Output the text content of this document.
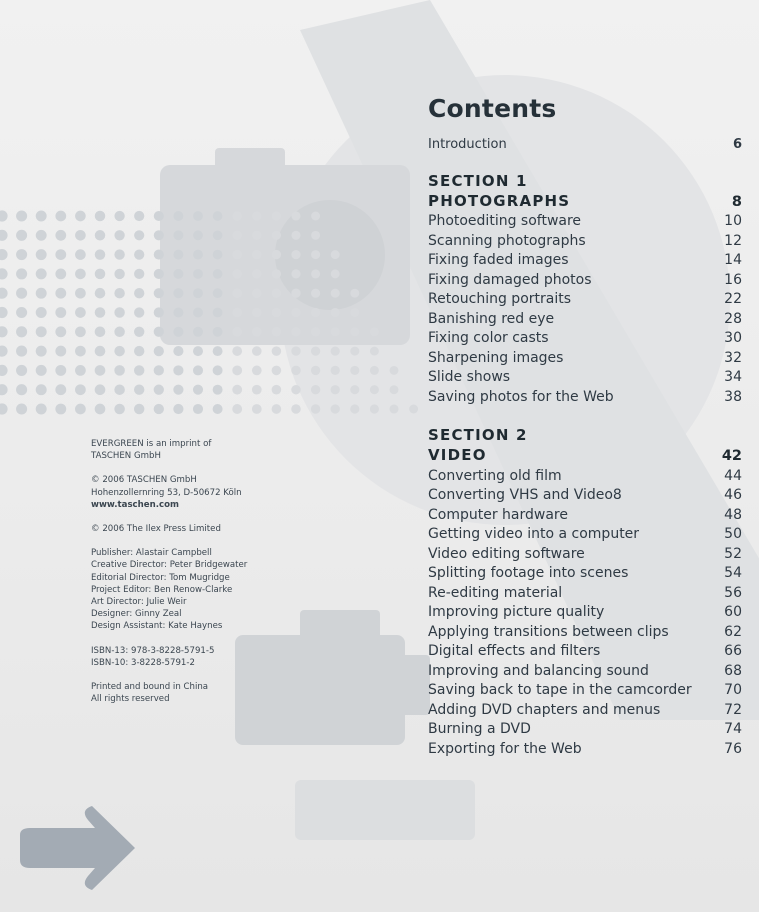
Contents
Introduction	6
SECTION 1
PHOTOGRAPHS	8
Photoediting software	10
Scanning photographs	12
Fixing faded images	14
Fixing damaged photos	16
Retouching portraits	22
Banishing red eye	28
Fixing color casts	30
Sharpening images	32
Slide shows	34
Saving photos for the Web	38
SECTION 2
VIDEO	42
Converting old film	44
Converting VHS and Video8	46
Computer hardware	48
Getting video into a computer	50
Video editing software	52
Splitting footage into scenes	54
Re-editing material	56
Improving picture quality	60
Applying transitions between clips	62
Digital effects and filters	66
Improving and balancing sound	68
Saving back to tape in the camcorder 70
Adding DVD chapters and menus	72
Burning a DVD	74
Exporting for the Web	76
EVERGREEN is an imprint of
TASCHEN GmbH
© 2006 TASCHEN GmbH
Hohenzollernring 53, D-50672 Köln
www.taschen.com
© 2006 The Ilex Press Limited
Publisher: Alastair Campbell
Creative Director: Peter Bridgewater
Editorial Director: Tom Mugridge
Project Editor: Ben Renow-Clarke
Art Director: Julie Weir
Designer: Ginny Zeal
Design Assistant: Kate Haynes
ISBN-13: 978-3-8228-5791-5
ISBN-10: 3-8228-5791-2
Printed and bound in China
All rights reserved
